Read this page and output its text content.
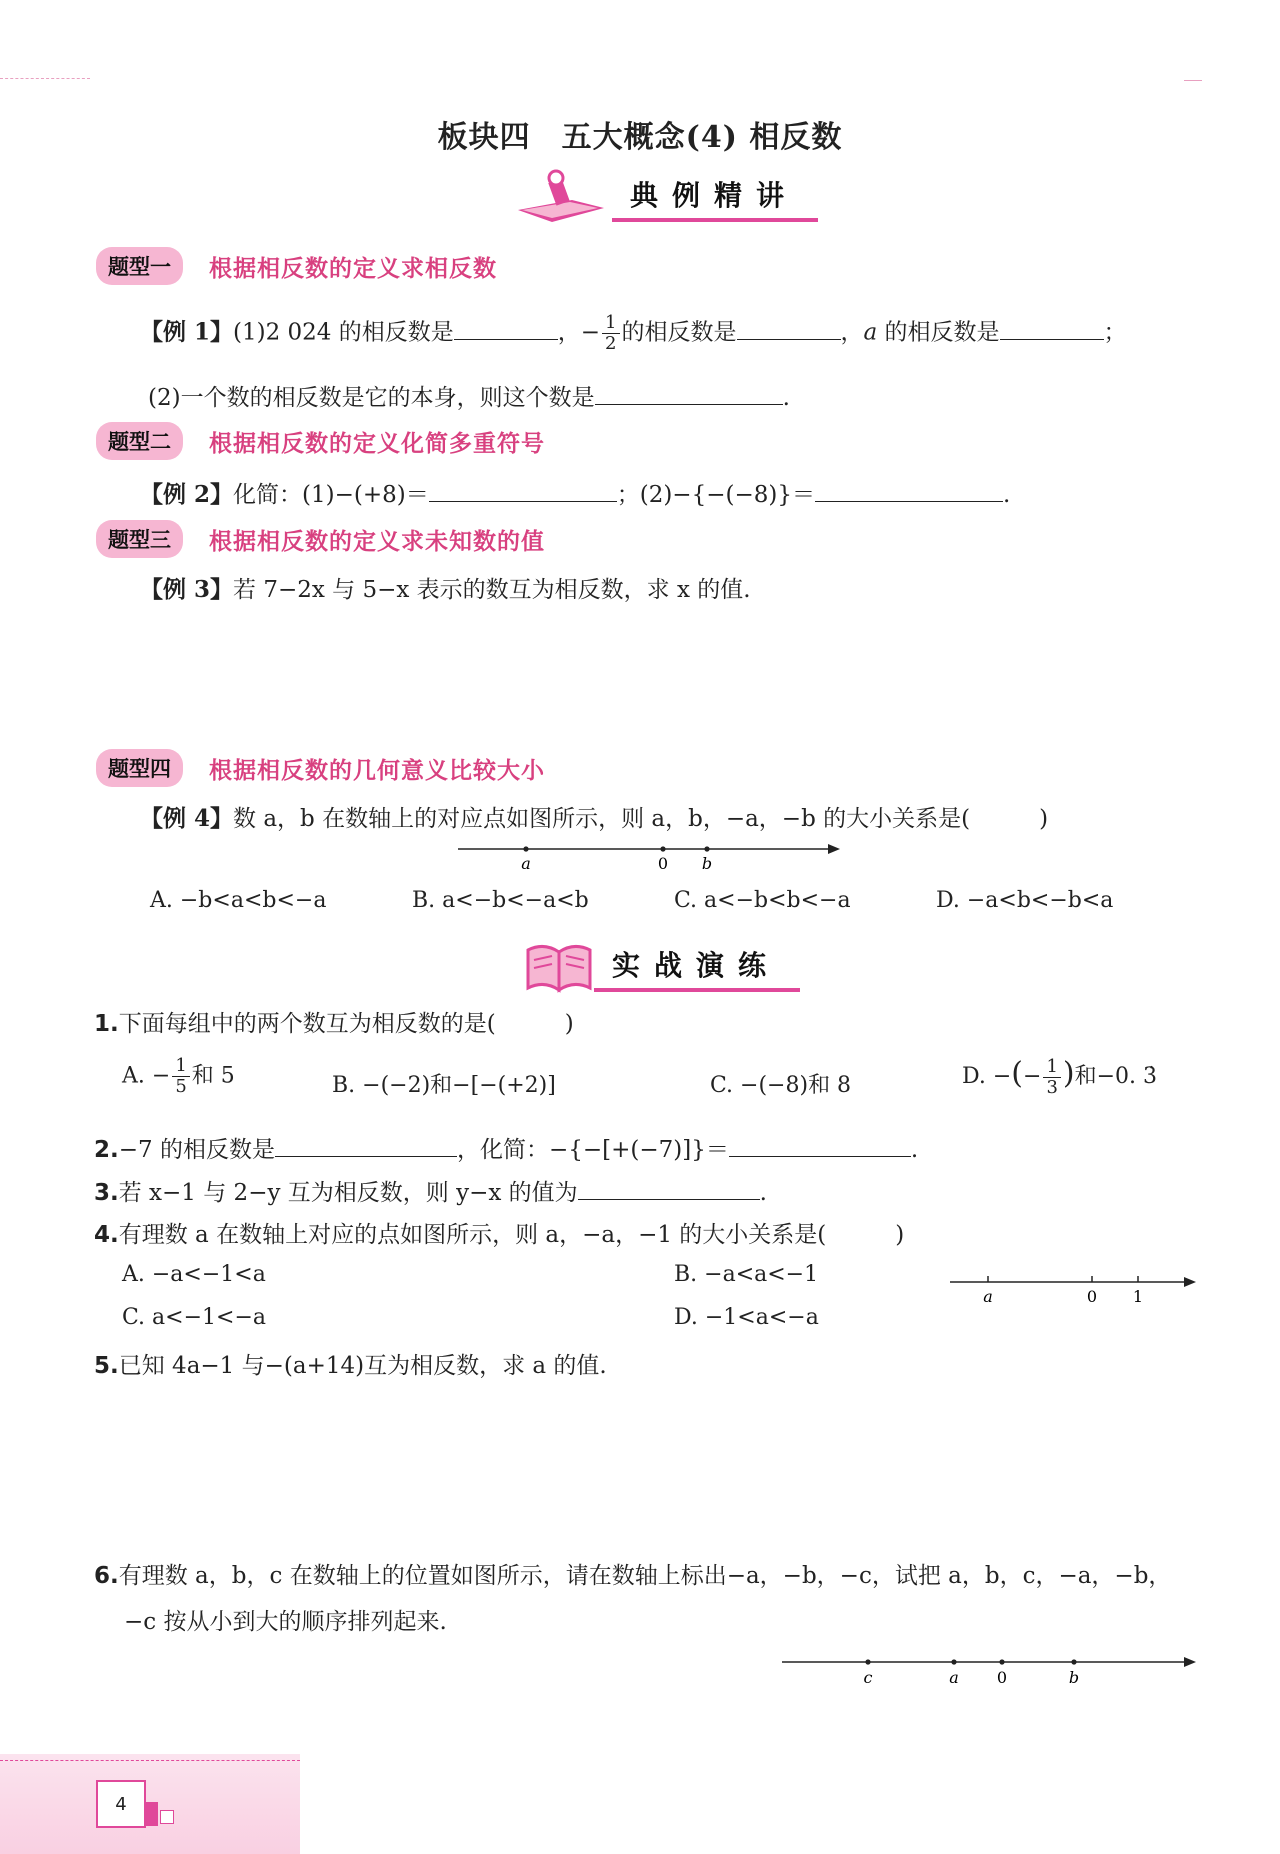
板块四　五大概念(4) 相反数
典例精讲
题型一	根据相反数的定义求相反数
【例 1】(1)2 024 的相反数是	，− $\frac{1}{2}$ 的相反数是	，a 的相反数是	；
(2)一个数的相反数是它的本身，则这个数是	.
题型二	根据相反数的定义化简多重符号
【例 2】化简：(1)−(+8)＝	；(2)−{−(−8)}＝	.
题型三	根据相反数的定义求未知数的值
【例 3】若 7−2x 与 5−x 表示的数互为相反数，求 x 的值.
题型四	根据相反数的几何意义比较大小
【例 4】数 a，b 在数轴上的对应点如图所示，则 a，b，−a，−b 的大小关系是(　　　)
a	0 b
A. −b<a<b<−a	B. a<−b<−a<b	C. a<−b<b<−a	D. −a<b<−b<a
实战演练
1.下面每组中的两个数互为相反数的是(　　　)
A. − $\frac{1}{5}$ 和 5	B. −(−2)和−[−(+2)]	C. −(−8)和 8	D. −(− $\frac{1}{3}$ )和−0. 3̇
2.−7 的相反数是	，化简：−{−[+(−7)]}＝	.
3.若 x−1 与 2−y 互为相反数，则 y−x 的值为	.
4.有理数 a 在数轴上对应的点如图所示，则 a，−a，−1 的大小关系是(　　　)
A. −a<−1<a	B. −a<a<−1
C. a<−1<−a	D. −1<a<−a
a	0 1
5.已知 4a−1 与−(a+14)互为相反数，求 a 的值.
6.有理数 a，b，c 在数轴上的位置如图所示，请在数轴上标出−a，−b，−c，试把 a，b，c，−a，−b，
−c 按从小到大的顺序排列起来.
c	a 0	b
4
